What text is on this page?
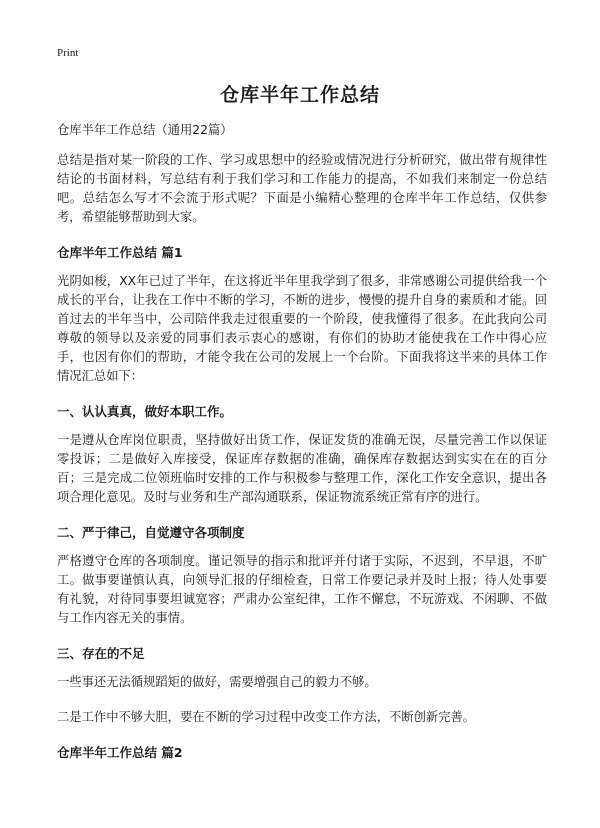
Print
仓库半年工作总结

仓库半年工作总结（通用22篇）

总结是指对某一阶段的工作、学习或思想中的经验或情况进行分析研究，做出带有规律性结论的书面材料，写总结有利于我们学习和工作能力的提高，不如我们来制定一份总结吧。总结怎么写才不会流于形式呢？下面是小编精心整理的仓库半年工作总结，仅供参考，希望能够帮助到大家。

仓库半年工作总结 篇1

光阴如梭，XX年已过了半年，在这将近半年里我学到了很多，非常感谢公司提供给我一个成长的平台，让我在工作中不断的学习，不断的进步，慢慢的提升自身的素质和才能。回首过去的半年当中，公司陪伴我走过很重要的一个阶段，使我懂得了很多。在此我向公司尊敬的领导以及亲爱的同事们表示衷心的感谢，有你们的协助才能使我在工作中得心应手，也因有你们的帮助，才能令我在公司的发展上一个台阶。下面我将这半来的具体工作情况汇总如下：

一、认认真真，做好本职工作。

一是遵从仓库岗位职责，坚持做好出货工作，保证发货的准确无误，尽量完善工作以保证零投诉；二是做好入库接受，保证库存数据的准确，确保库存数据达到实实在在的百分百；三是完成二位领班临时安排的工作与积极参与整理工作，深化工作安全意识，提出各项合理化意见。及时与业务和生产部沟通联系，保证物流系统正常有序的进行。

二、严于律己，自觉遵守各项制度

严格遵守仓库的各项制度。谨记领导的指示和批评并付诸于实际，不迟到，不早退，不旷工。做事要谨慎认真，向领导汇报的仔细检查，日常工作要记录并及时上报；待人处事要有礼貌，对待同事要坦诚宽容；严肃办公室纪律，工作不懈怠，不玩游戏、不闲聊、不做与工作内容无关的事情。

三、存在的不足

一些事还无法循规蹈矩的做好，需要增强自己的毅力不够。

二是工作中不够大胆，要在不断的学习过程中改变工作方法，不断创新完善。

仓库半年工作总结 篇2
